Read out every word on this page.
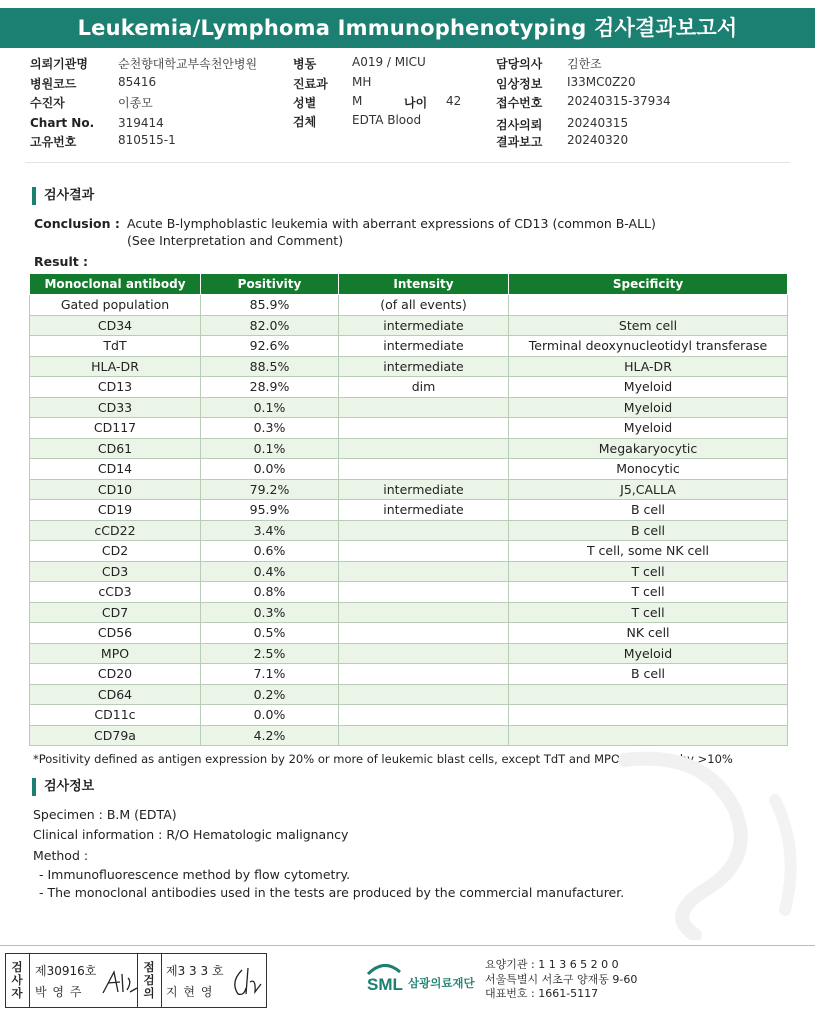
Leukemia/Lymphoma Immunophenotyping 검사결과보고서
의뢰기관명	순천향대학교부속천안병원
병원코드	85416
수진자	이종모
Chart No. 319414
고유번호	810515-1
병동	A019 / MICU
진료과 MH
성별	M	나이 42
검체	EDTA Blood
담당의사 김한조
임상정보 I33MC0Z20
접수번호 20240315-37934
검사의뢰 20240315
결과보고 20240320
검사결과
Conclusion : Acute B-lymphoblastic leukemia with aberrant expressions of CD13 (common B-ALL)
(See Interpretation and Comment)
Result :
Monoclonal antibody	Positivity	Intensity	Specificity
Gated population	85.9%	(of all events)	
CD34	82.0%	intermediate	Stem cell
TdT	92.6%	intermediate	Terminal deoxynucleotidyl transferase
HLA-DR	88.5%	intermediate	HLA-DR
CD13	28.9%	dim	Myeloid
CD33	0.1%		Myeloid
CD117	0.3%		Myeloid
CD61	0.1%		Megakaryocytic
CD14	0.0%		Monocytic
CD10	79.2%	intermediate	J5,CALLA
CD19	95.9%	intermediate	B cell
cCD22	3.4%		B cell
CD2	0.6%		T cell, some NK cell
CD3	0.4%		T cell
cCD3	0.8%		T cell
CD7	0.3%		T cell
CD56	0.5%		NK cell
MPO	2.5%		Myeloid
CD20	7.1%		B cell
CD64	0.2%		
CD11c	0.0%		
CD79a	4.2%		
*Positivity defined as antigen expression by 20% or more of leukemic blast cells, except TdT and MPO positivity by >10%
검사정보
Specimen : B.M (EDTA)
Clinical information : R/O Hematologic malignancy
Method :
- Immunofluorescence method by flow cytometry.
- The monoclonal antibodies used in the tests are produced by the commercial manufacturer.
검
사
자
제30916호
박 영 주
점
검
의
제3 3 3 호
지 현 영	SML 삼광의료재단
요양기관 : 1 1 3 6 5 2 0 0
서울특별시 서초구 양재동 9-60
대표번호 : 1661-5117
